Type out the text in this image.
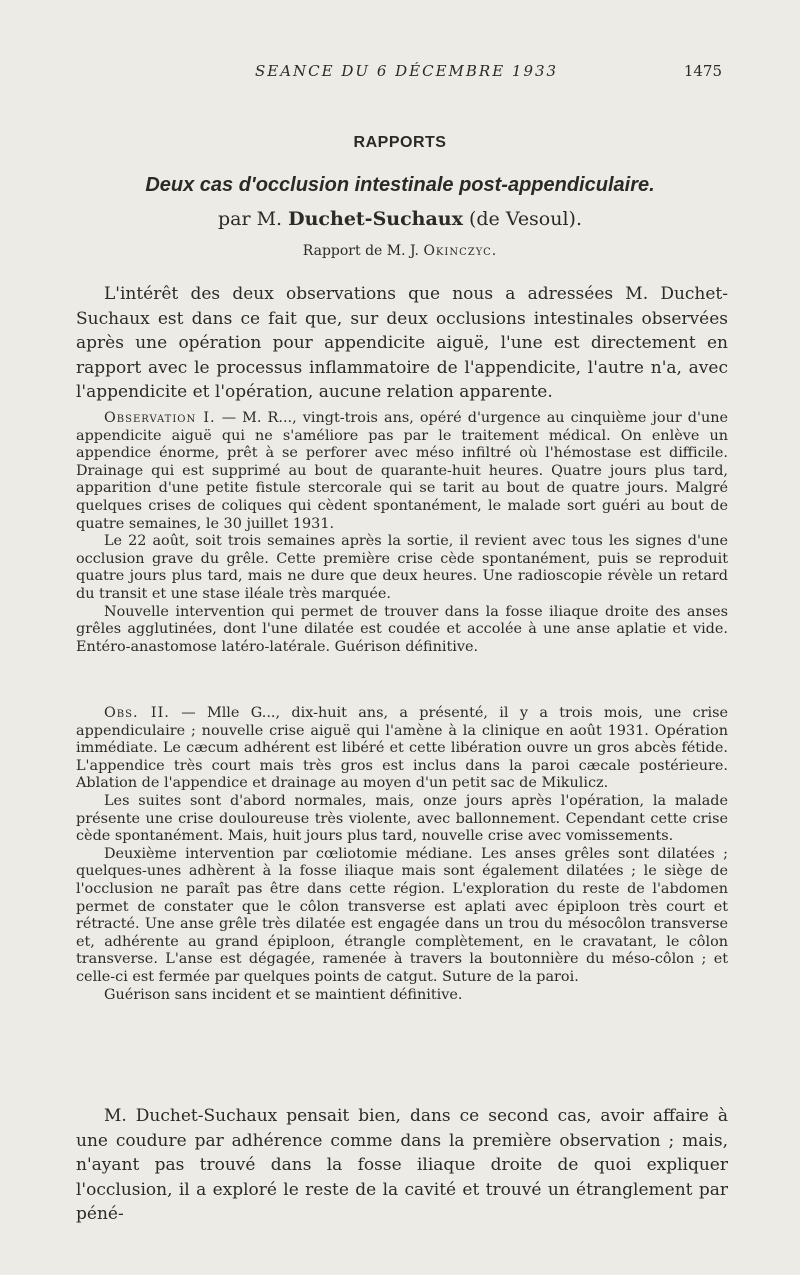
SEANCE DU 6 DÉCEMBRE 1933	1475
RAPPORTS
Deux cas d'occlusion intestinale post-appendiculaire.
par M. Duchet-Suchaux (de Vesoul).
Rapport de M. J. Okinczyc.

L'intérêt des deux observations que nous a adressées M. Duchet-Suchaux est dans ce fait que, sur deux occlusions intestinales observées après une opération pour appendicite aiguë, l'une est directement en rapport avec le processus inflammatoire de l'appendicite, l'autre n'a, avec l'appendicite et l'opération, aucune relation apparente.

Observation I. — M. R..., vingt-trois ans, opéré d'urgence au cinquième jour d'une appendicite aiguë qui ne s'améliore pas par le traitement médical. On enlève un appendice énorme, prêt à se perforer avec méso infiltré où l'hémostase est difficile. Drainage qui est supprimé au bout de quarante-huit heures. Quatre jours plus tard, apparition d'une petite fistule stercorale qui se tarit au bout de quatre jours. Malgré quelques crises de coliques qui cèdent spontanément, le malade sort guéri au bout de quatre semaines, le 30 juillet 1931.

Le 22 août, soit trois semaines après la sortie, il revient avec tous les signes d'une occlusion grave du grêle. Cette première crise cède spontanément, puis se reproduit quatre jours plus tard, mais ne dure que deux heures. Une radioscopie révèle un retard du transit et une stase iléale très marquée.

Nouvelle intervention qui permet de trouver dans la fosse iliaque droite des anses grêles agglutinées, dont l'une dilatée est coudée et accolée à une anse aplatie et vide. Entéro-anastomose latéro-latérale. Guérison définitive.

Obs. II. — Mlle G..., dix-huit ans, a présenté, il y a trois mois, une crise appendiculaire ; nouvelle crise aiguë qui l'amène à la clinique en août 1931. Opération immédiate. Le cæcum adhérent est libéré et cette libération ouvre un gros abcès fétide. L'appendice très court mais très gros est inclus dans la paroi cæcale postérieure. Ablation de l'appendice et drainage au moyen d'un petit sac de Mikulicz.

Les suites sont d'abord normales, mais, onze jours après l'opération, la malade présente une crise douloureuse très violente, avec ballonnement. Cependant cette crise cède spontanément. Mais, huit jours plus tard, nouvelle crise avec vomissements.

Deuxième intervention par cœliotomie médiane. Les anses grêles sont dilatées ; quelques-unes adhèrent à la fosse iliaque mais sont également dilatées ; le siège de l'occlusion ne paraît pas être dans cette région. L'exploration du reste de l'abdomen permet de constater que le côlon transverse est aplati avec épiploon très court et rétracté. Une anse grêle très dilatée est engagée dans un trou du mésocôlon transverse et, adhérente au grand épiploon, étrangle complètement, en le cravatant, le côlon transverse. L'anse est dégagée, ramenée à travers la boutonnière du méso-côlon ; et celle-ci est fermée par quelques points de catgut. Suture de la paroi.

Guérison sans incident et se maintient définitive.

M. Duchet-Suchaux pensait bien, dans ce second cas, avoir affaire à une coudure par adhérence comme dans la première observation ; mais, n'ayant pas trouvé dans la fosse iliaque droite de quoi expliquer l'occlusion, il a exploré le reste de la cavité et trouvé un étranglement par péné-
